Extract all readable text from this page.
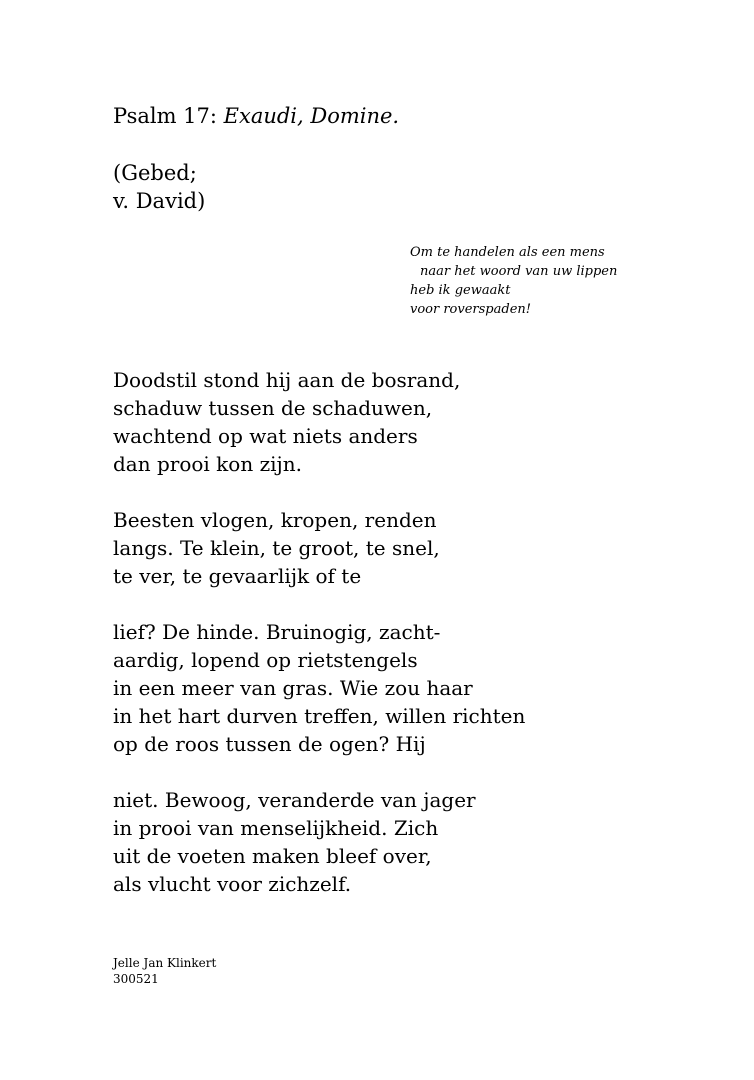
Psalm 17: Exaudi, Domine.
(Gebed;
v. David)
Om te handelen als een mens
naar het woord van uw lippen
heb ik gewaakt
voor roverspaden!
Doodstil stond hij aan de bosrand,
schaduw tussen de schaduwen,
wachtend op wat niets anders
dan prooi kon zijn.
Beesten vlogen, kropen, renden
langs. Te klein, te groot, te snel,
te ver, te gevaarlijk of te
lief? De hinde. Bruinogig, zacht-
aardig, lopend op rietstengels
in een meer van gras. Wie zou haar
in het hart durven treffen, willen richten
op de roos tussen de ogen? Hij
niet. Bewoog, veranderde van jager
in prooi van menselijkheid. Zich
uit de voeten maken bleef over,
als vlucht voor zichzelf.
Jelle Jan Klinkert
300521
